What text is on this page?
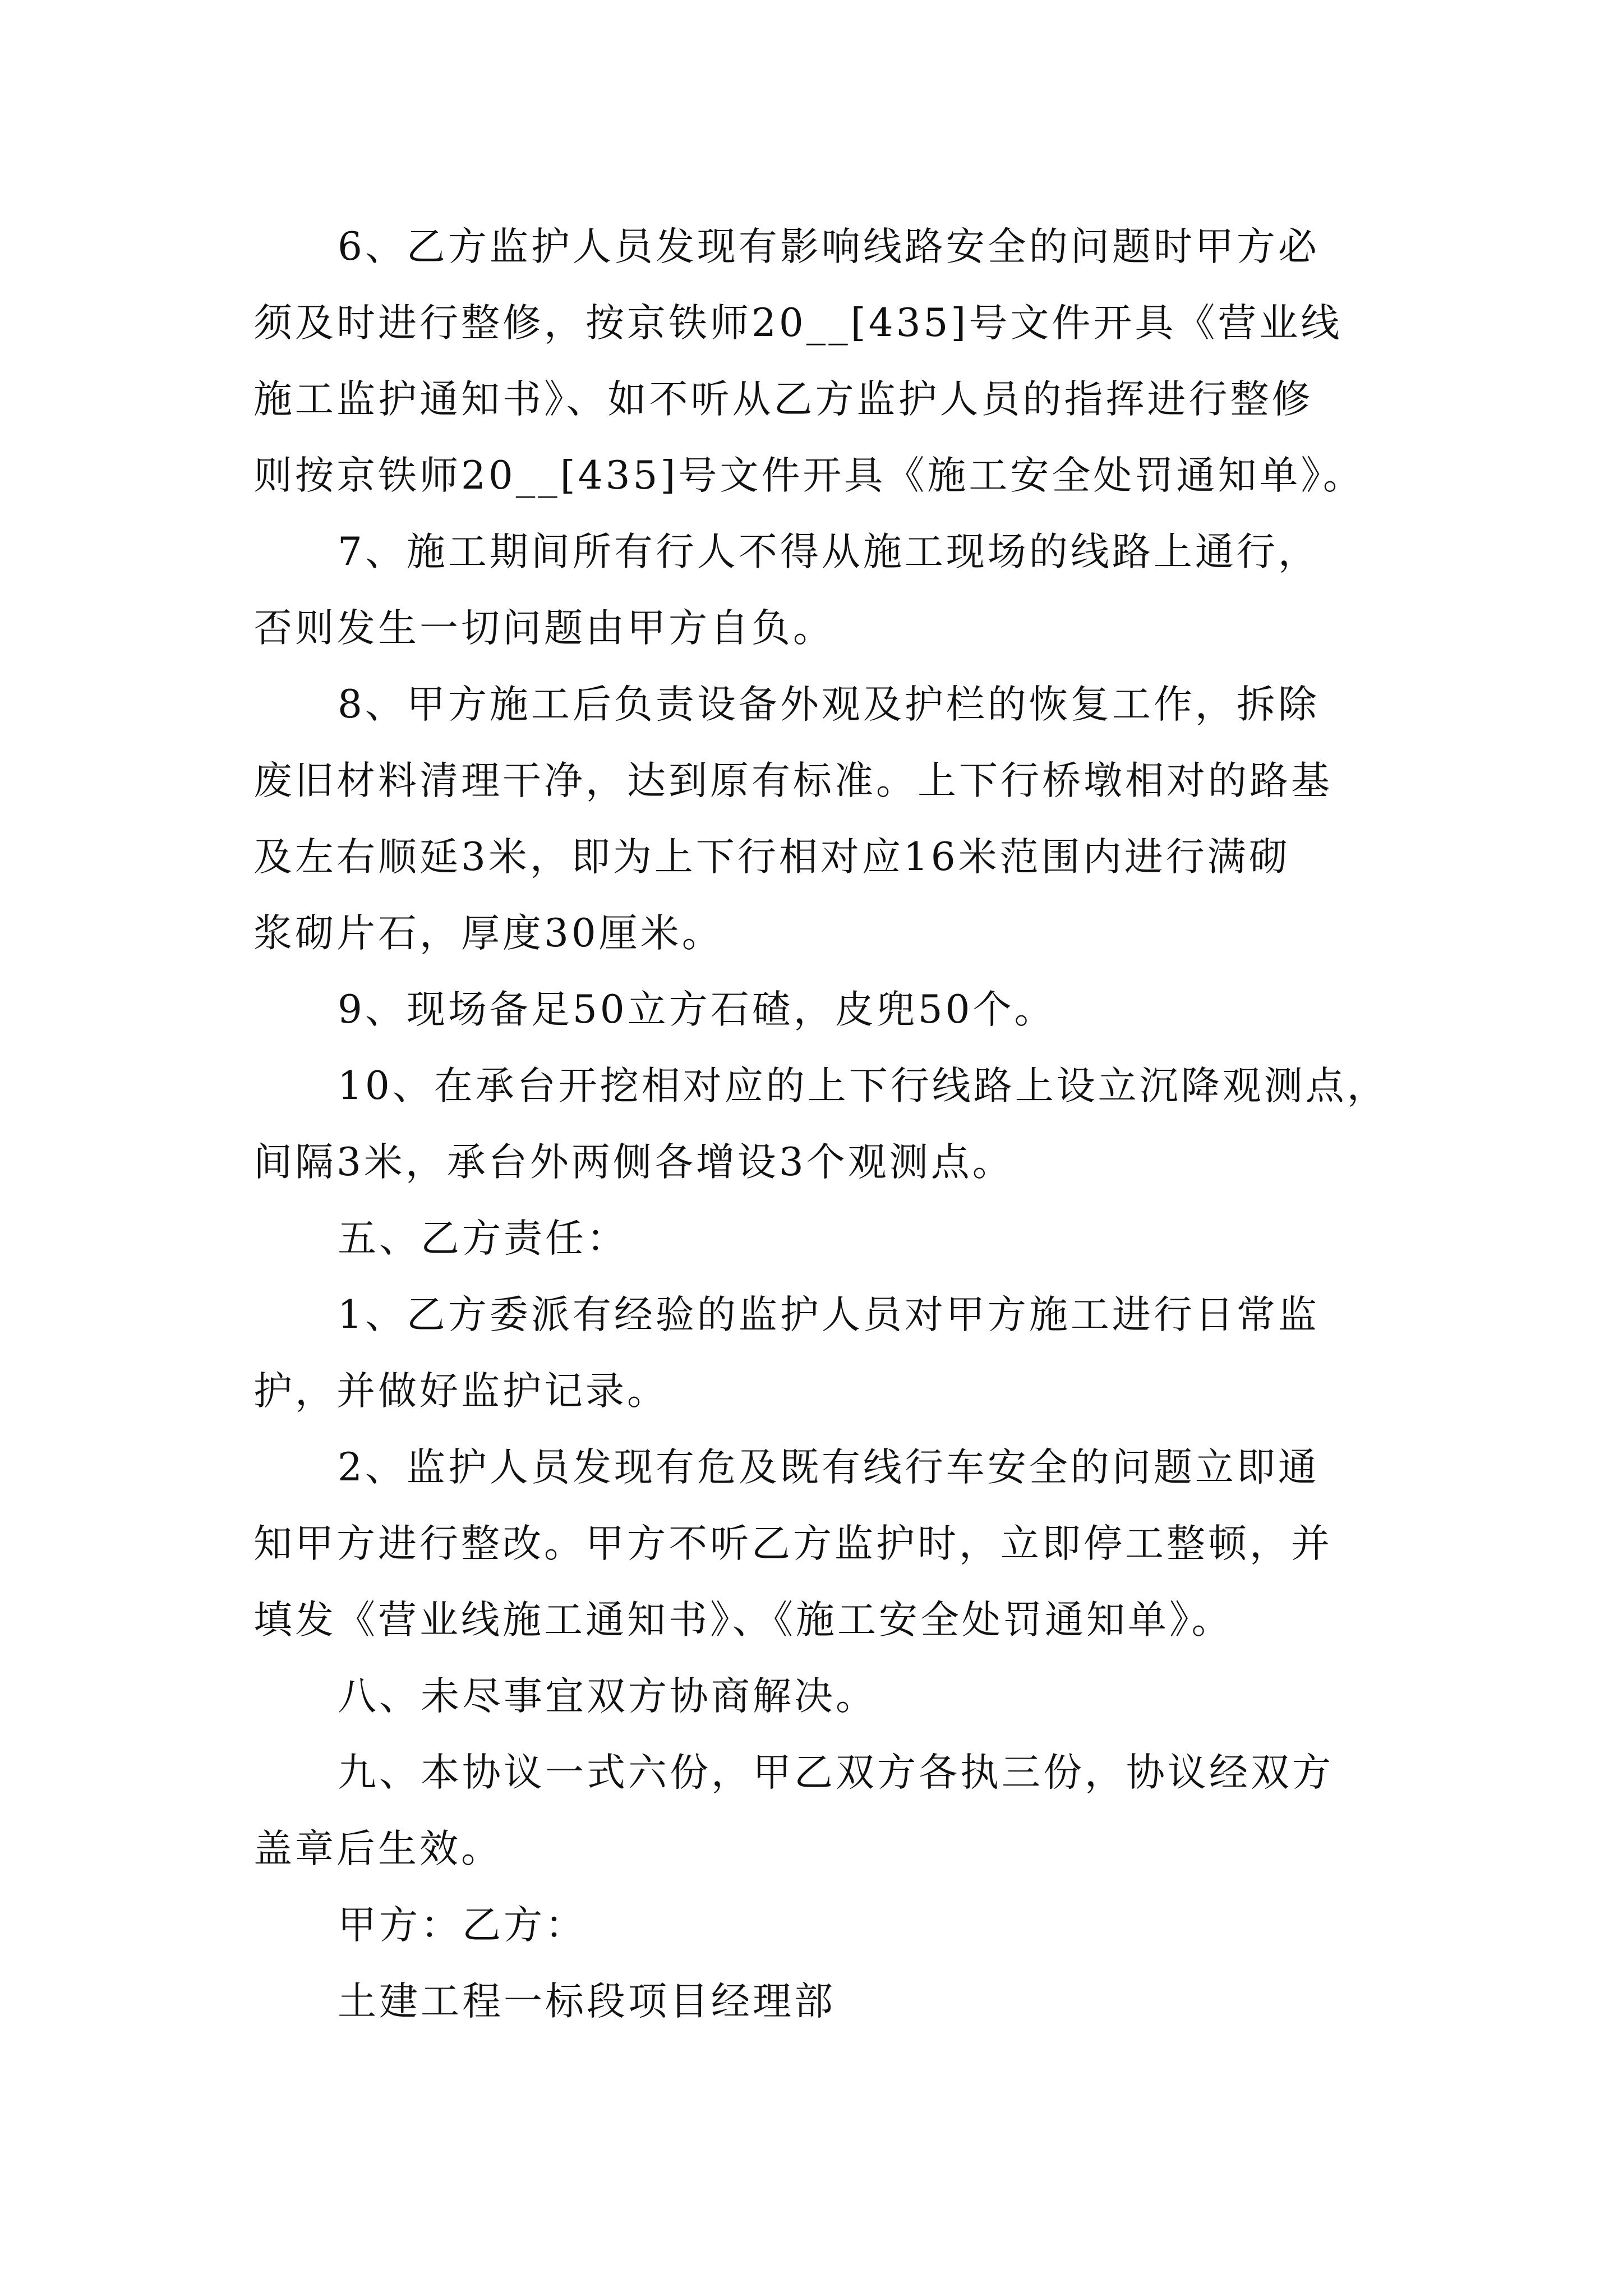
6、乙方监护人员发现有影响线路安全的问题时甲方必
须及时进行整修，按京铁师20__[435]号文件开具《营业线
施工监护通知书》、如不听从乙方监护人员的指挥进行整修
则按京铁师20__[435]号文件开具《施工安全处罚通知单》。

7、施工期间所有行人不得从施工现场的线路上通行，
否则发生一切问题由甲方自负。

8、甲方施工后负责设备外观及护栏的恢复工作，拆除
废旧材料清理干净，达到原有标准。上下行桥墩相对的路基
及左右顺延3米，即为上下行相对应16米范围内进行满砌
浆砌片石，厚度30厘米。

9、现场备足50立方石碴，皮兜50个。

10、在承台开挖相对应的上下行线路上设立沉降观测点，
间隔3米，承台外两侧各增设3个观测点。

五、乙方责任：

1、乙方委派有经验的监护人员对甲方施工进行日常监
护，并做好监护记录。

2、监护人员发现有危及既有线行车安全的问题立即通
知甲方进行整改。甲方不听乙方监护时，立即停工整顿，并
填发《营业线施工通知书》、《施工安全处罚通知单》。

八、未尽事宜双方协商解决。

九、本协议一式六份，甲乙双方各执三份，协议经双方
盖章后生效。

甲方：乙方：

土建工程一标段项目经理部
